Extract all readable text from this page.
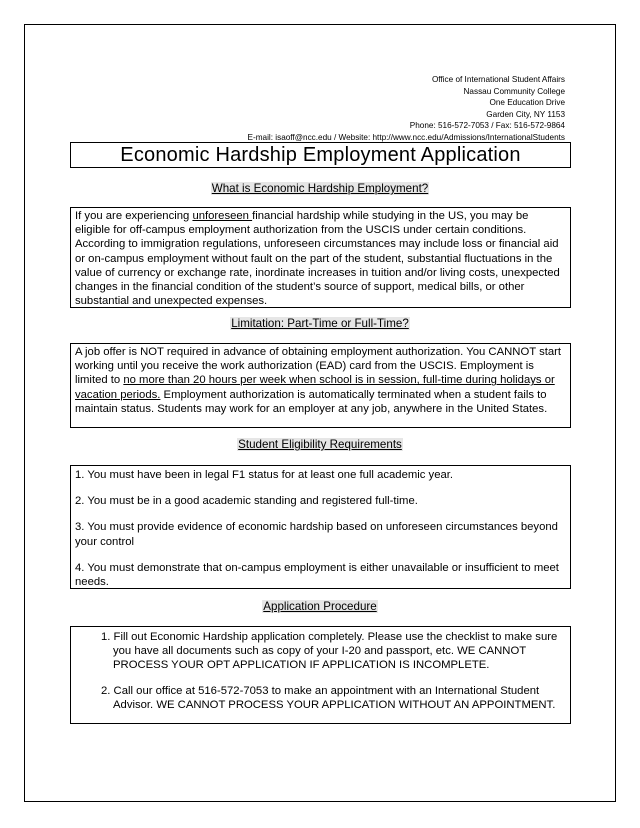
Office of International Student Affairs
Nassau Community College
One Education Drive
Garden City, NY 1153
Phone: 516-572-7053 / Fax: 516-572-9864
E-mail: isaoff@ncc.edu / Website: http://www.ncc.edu/Admissions/InternationalStudents
Economic Hardship Employment Application
What is Economic Hardship Employment?

If you are experiencing unforeseen financial hardship while studying in the US, you may be eligible for off-campus employment authorization from the USCIS under certain conditions. According to immigration regulations, unforeseen circumstances may include loss or financial aid or on-campus employment without fault on the part of the student, substantial fluctuations in the value of currency or exchange rate, inordinate increases in tuition and/or living costs, unexpected changes in the financial condition of the student’s source of support, medical bills, or other substantial and unexpected expenses.

Limitation: Part-Time or Full-Time?

A job offer is NOT required in advance of obtaining employment authorization. You CANNOT start working until you receive the work authorization (EAD) card from the USCIS. Employment is limited to no more than 20 hours per week when school is in session, full-time during holidays or vacation periods. Employment authorization is automatically terminated when a student fails to maintain status. Students may work for an employer at any job, anywhere in the United States.

Student Eligibility Requirements

1. You must have been in legal F1 status for at least one full academic year.

2. You must be in a good academic standing and registered full-time.

3. You must provide evidence of economic hardship based on unforeseen circumstances beyond your control

4. You must demonstrate that on-campus employment is either unavailable or insufficient to meet needs.

Application Procedure
1. Fill out Economic Hardship application completely. Please use the checklist to make sure you have all documents such as copy of your I-20 and passport, etc. WE CANNOT PROCESS YOUR OPT APPLICATION IF APPLICATION IS INCOMPLETE.
2. Call our office at 516-572-7053 to make an appointment with an International Student Advisor. WE CANNOT PROCESS YOUR APPLICATION WITHOUT AN APPOINTMENT.
